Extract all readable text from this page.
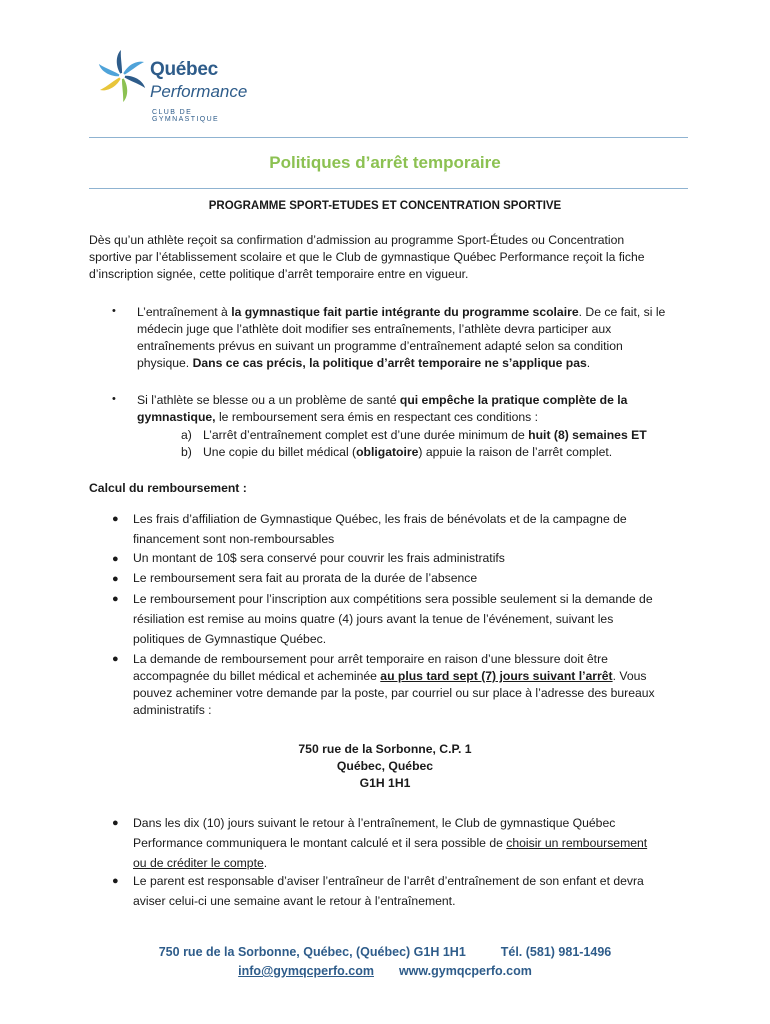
Québec
Performance
CLUB DE GYMNASTIQUE
Politiques d’arrêt temporaire
PROGRAMME SPORT-ETUDES ET CONCENTRATION SPORTIVE
Dès qu’un athlète reçoit sa confirmation d’admission au programme Sport-Études ou Concentration
sportive par l’établissement scolaire et que le Club de gymnastique Québec Performance reçoit la fiche
d’inscription signée, cette politique d’arrêt temporaire entre en vigueur.
• L’entraînement à la gymnastique fait partie intégrante du programme scolaire. De ce fait, si le
médecin juge que l’athlète doit modifier ses entraînements, l’athlète devra participer aux
entraînements prévus en suivant un programme d’entraînement adapté selon sa condition
physique. Dans ce cas précis, la politique d’arrêt temporaire ne s’applique pas.
• Si l’athlète se blesse ou a un problème de santé qui empêche la pratique complète de la
gymnastique, le remboursement sera émis en respectant ces conditions :
a) L’arrêt d’entraînement complet est d’une durée minimum de huit (8) semaines ET
b) Une copie du billet médical (obligatoire) appuie la raison de l’arrêt complet.
Calcul du remboursement :
● Les frais d’affiliation de Gymnastique Québec, les frais de bénévolats et de la campagne de
financement sont non-remboursables
● Un montant de 10$ sera conservé pour couvrir les frais administratifs
● Le remboursement sera fait au prorata de la durée de l’absence
● Le remboursement pour l’inscription aux compétitions sera possible seulement si la demande de
résiliation est remise au moins quatre (4) jours avant la tenue de l’événement, suivant les
politiques de Gymnastique Québec.
● La demande de remboursement pour arrêt temporaire en raison d’une blessure doit être
accompagnée du billet médical et acheminée au plus tard sept (7) jours suivant l’arrêt. Vous
pouvez acheminer votre demande par la poste, par courriel ou sur place à l’adresse des bureaux
administratifs :
750 rue de la Sorbonne, C.P. 1
Québec, Québec
G1H 1H1
● Dans les dix (10) jours suivant le retour à l’entraînement, le Club de gymnastique Québec
Performance communiquera le montant calculé et il sera possible de choisir un remboursement
ou de créditer le compte.
● Le parent est responsable d’aviser l’entraîneur de l’arrêt d’entraînement de son enfant et devra
aviser celui-ci une semaine avant le retour à l’entraînement.
750 rue de la Sorbonne, Québec, (Québec) G1H 1H1	Tél. (581) 981-1496
info@gymqcperfo.com www.gymqcperfo.com
